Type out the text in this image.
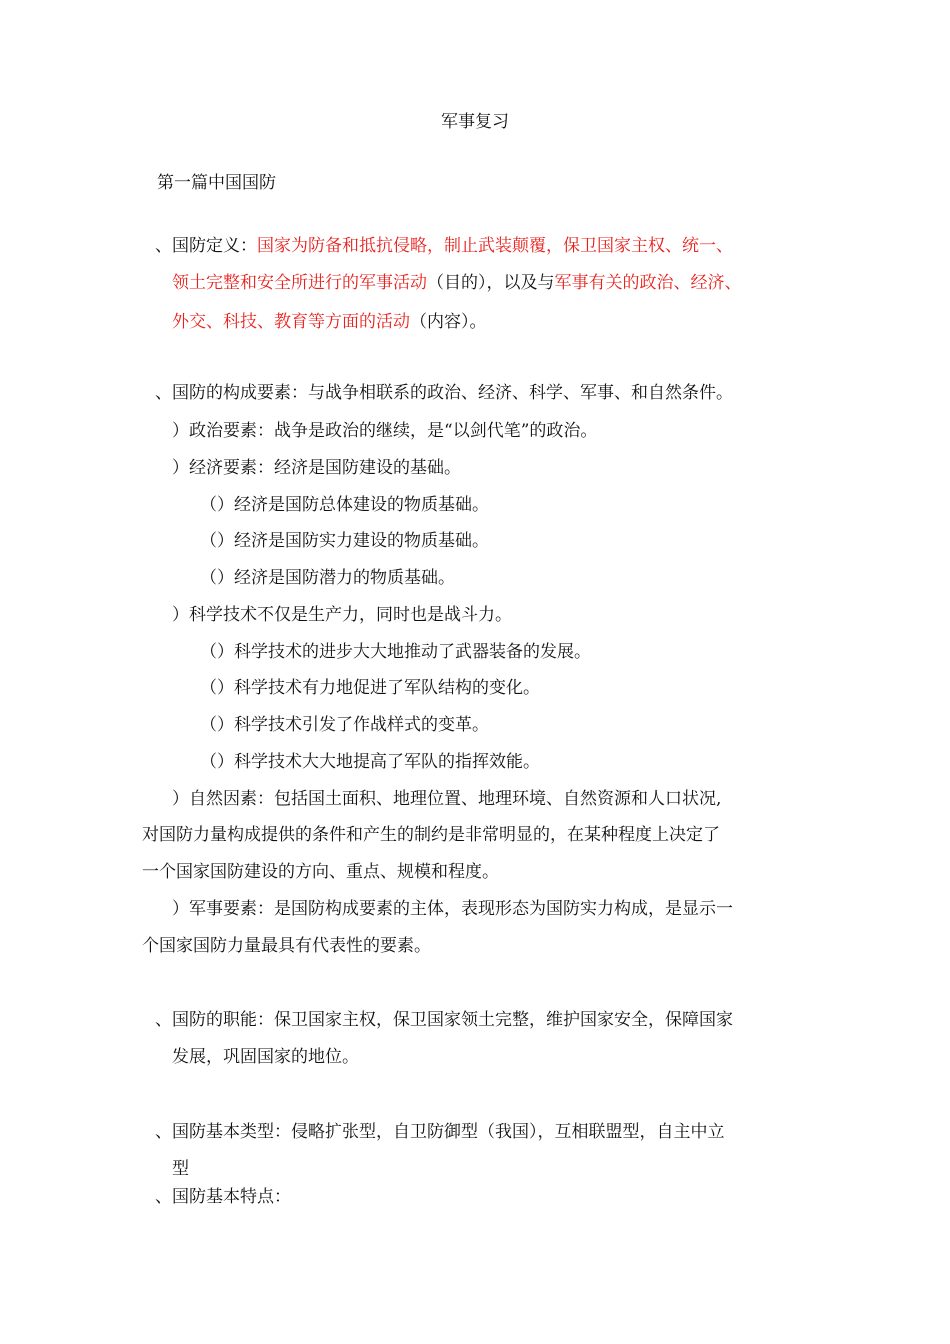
军事复习
第一篇中国国防
、国防定义：国家为防备和抵抗侵略，制止武装颠覆，保卫国家主权、统一、
领土完整和安全所进行的军事活动（目的），以及与军事有关的政治、经济、
外交、科技、教育等方面的活动（内容）。
、国防的构成要素：与战争相联系的政治、经济、科学、军事、和自然条件。
）政治要素：战争是政治的继续，是“以剑代笔”的政治。
）经济要素：经济是国防建设的基础。
（）经济是国防总体建设的物质基础。
（）经济是国防实力建设的物质基础。
（）经济是国防潜力的物质基础。
）科学技术不仅是生产力，同时也是战斗力。
（）科学技术的进步大大地推动了武器装备的发展。
（）科学技术有力地促进了军队结构的变化。
（）科学技术引发了作战样式的变革。
（）科学技术大大地提高了军队的指挥效能。
）自然因素：包括国土面积、地理位置、地理环境、自然资源和人口状况,
对国防力量构成提供的条件和产生的制约是非常明显的，在某种程度上决定了
一个国家国防建设的方向、重点、规模和程度。
）军事要素：是国防构成要素的主体，表现形态为国防实力构成，是显示一
个国家国防力量最具有代表性的要素。
、国防的职能：保卫国家主权，保卫国家领土完整，维护国家安全，保障国家
发展，巩固国家的地位。
、国防基本类型：侵略扩张型，自卫防御型（我国），互相联盟型，自主中立
型
、国防基本特点：
